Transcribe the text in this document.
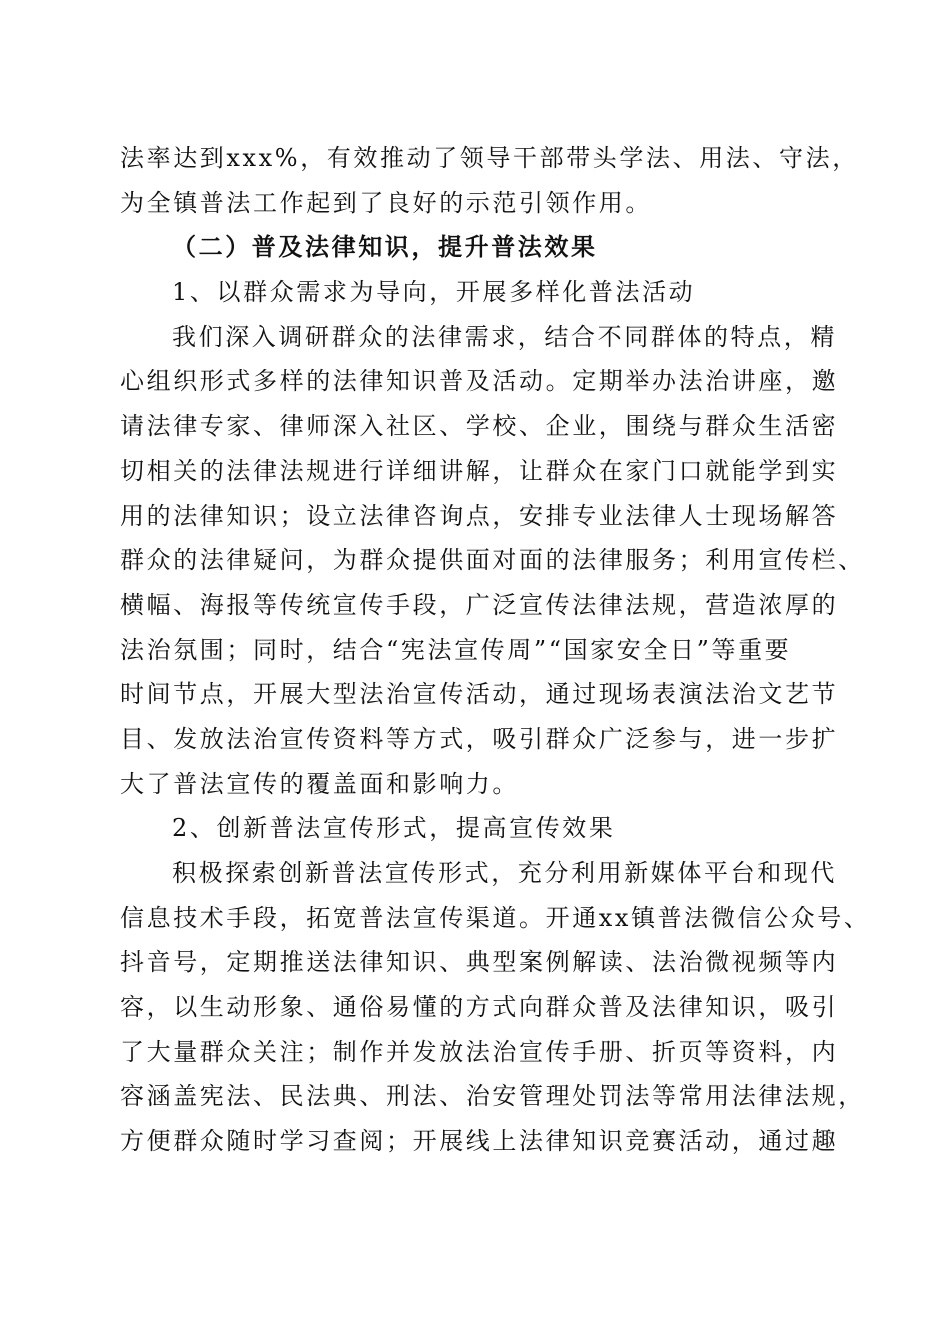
法率达到xxx%，有效推动了领导干部带头学法、用法、守法，
为全镇普法工作起到了良好的示范引领作用。
（二）普及法律知识，提升普法效果
1、以群众需求为导向，开展多样化普法活动
我们深入调研群众的法律需求，结合不同群体的特点，精
心组织形式多样的法律知识普及活动。定期举办法治讲座，邀
请法律专家、律师深入社区、学校、企业，围绕与群众生活密
切相关的法律法规进行详细讲解，让群众在家门口就能学到实
用的法律知识；设立法律咨询点，安排专业法律人士现场解答
群众的法律疑问，为群众提供面对面的法律服务；利用宣传栏、
横幅、海报等传统宣传手段，广泛宣传法律法规，营造浓厚的
法治氛围；同时，结合“宪法宣传周”“国家安全日”等重要
时间节点，开展大型法治宣传活动，通过现场表演法治文艺节
目、发放法治宣传资料等方式，吸引群众广泛参与，进一步扩
大了普法宣传的覆盖面和影响力。
2、创新普法宣传形式，提高宣传效果
积极探索创新普法宣传形式，充分利用新媒体平台和现代
信息技术手段，拓宽普法宣传渠道。开通xx镇普法微信公众号、
抖音号，定期推送法律知识、典型案例解读、法治微视频等内
容，以生动形象、通俗易懂的方式向群众普及法律知识，吸引
了大量群众关注；制作并发放法治宣传手册、折页等资料，内
容涵盖宪法、民法典、刑法、治安管理处罚法等常用法律法规，
方便群众随时学习查阅；开展线上法律知识竞赛活动，通过趣
